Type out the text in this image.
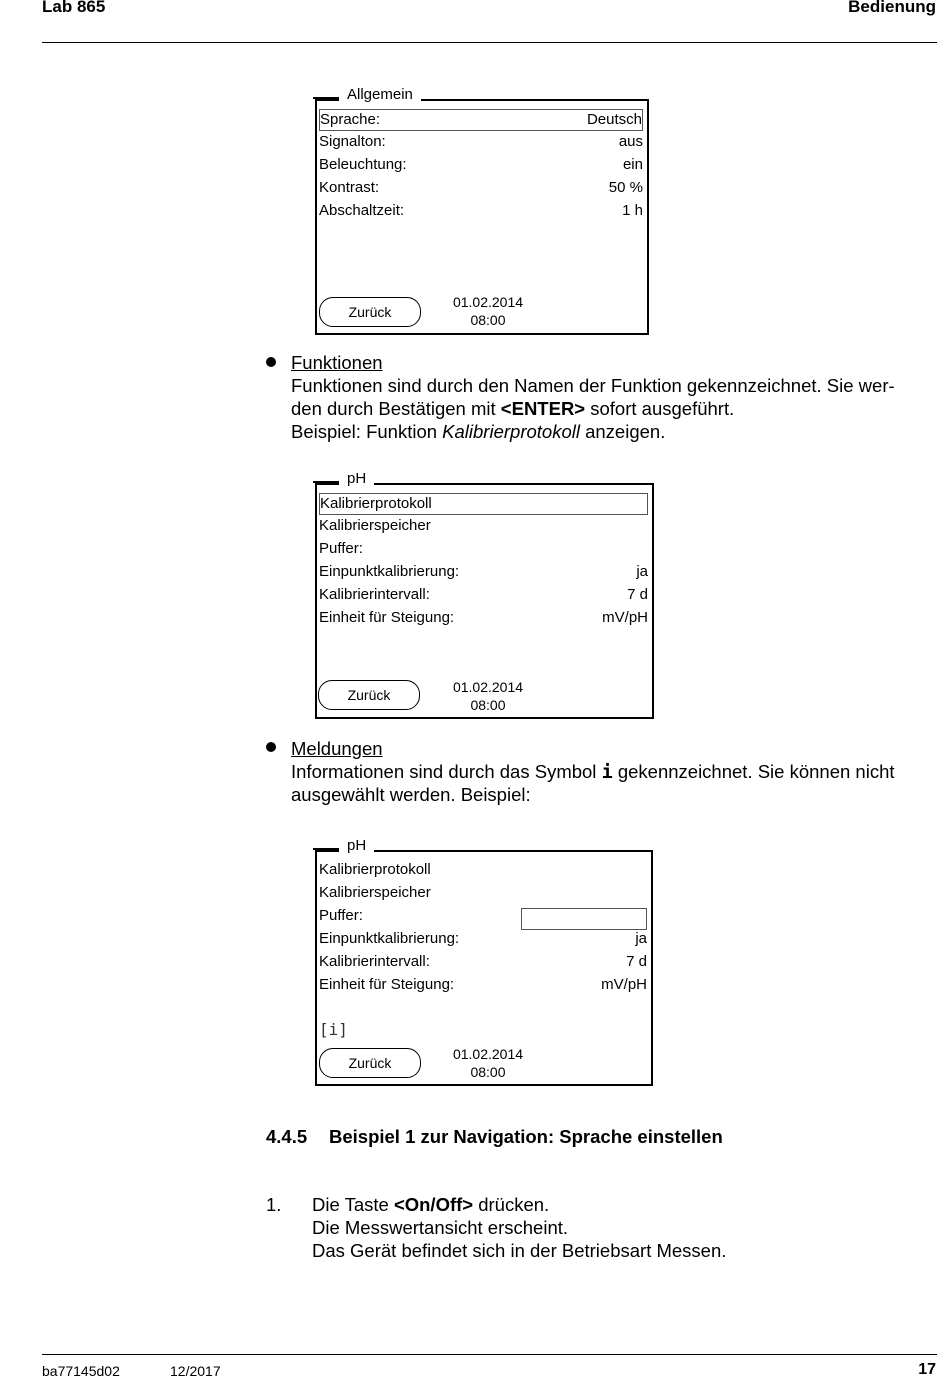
Lab 865	Bedienung
Allgemein
Sprache:	Deutsch
Signalton:	aus
Beleuchtung:	ein
Kontrast:	50 %
Abschaltzeit:	1 h
Zurück
01.02.2014
08:00
Funktionen
Funktionen sind durch den Namen der Funktion gekennzeichnet. Sie wer-
den durch Bestätigen mit <ENTER> sofort ausgeführt.
Beispiel: Funktion Kalibrierprotokoll anzeigen.
pH
Kalibrierprotokoll
Kalibrierspeicher
Puffer:
Einpunktkalibrierung:	ja
Kalibrierintervall:	7 d
Einheit für Steigung:	mV/pH
Zurück	01.02.2014
08:00
Meldungen
Informationen sind durch das Symbol i gekennzeichnet. Sie können nicht
ausgewählt werden. Beispiel:
pH
Kalibrierprotokoll
Kalibrierspeicher
Puffer:
Einpunktkalibrierung:	ja
Kalibrierintervall:	7 d
Einheit für Steigung:	mV/pH
[i]
Zurück
01.02.2014
08:00
4.4.5 Beispiel 1 zur Navigation: Sprache einstellen
1. Die Taste <On/Off> drücken.
Die Messwertansicht erscheint.
Das Gerät befindet sich in der Betriebsart Messen.
ba77145d02	12/2017	17
